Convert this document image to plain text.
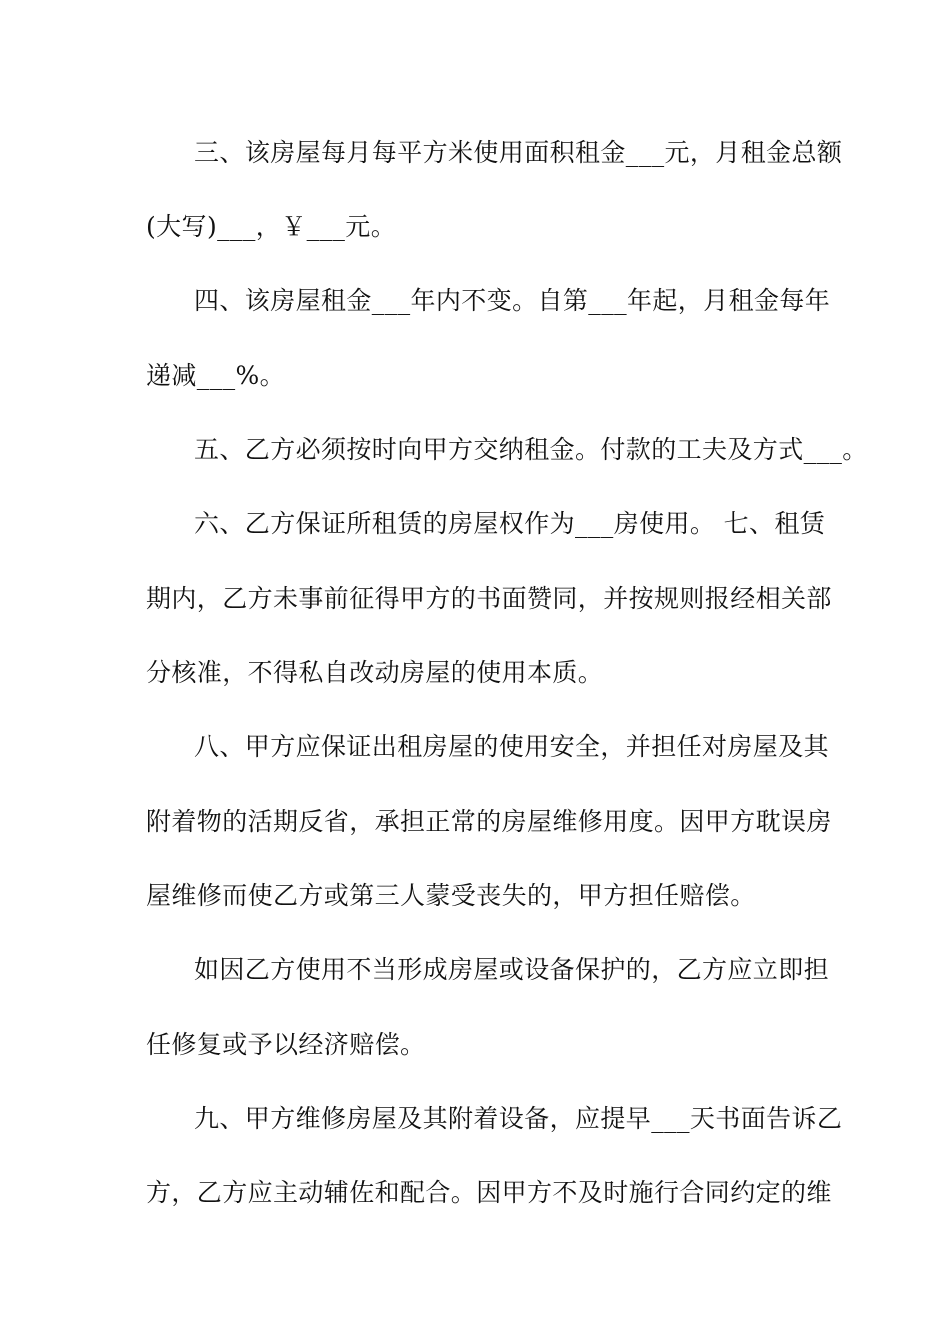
三、该房屋每月每平方米使用面积租金___元，月租金总额
(大写)___，￥___元。
四、该房屋租金___年内不变。自第___年起，月租金每年
递减___%。
五、乙方必须按时向甲方交纳租金。付款的工夫及方式___。
六、乙方保证所租赁的房屋权作为___房使用。 七、租赁
期内，乙方未事前征得甲方的书面赞同，并按规则报经相关部
分核准，不得私自改动房屋的使用本质。
八、甲方应保证出租房屋的使用安全，并担任对房屋及其
附着物的活期反省，承担正常的房屋维修用度。因甲方耽误房
屋维修而使乙方或第三人蒙受丧失的，甲方担任赔偿。
如因乙方使用不当形成房屋或设备保护的，乙方应立即担
任修复或予以经济赔偿。
九、甲方维修房屋及其附着设备，应提早___天书面告诉乙
方，乙方应主动辅佐和配合。因甲方不及时施行合同约定的维
